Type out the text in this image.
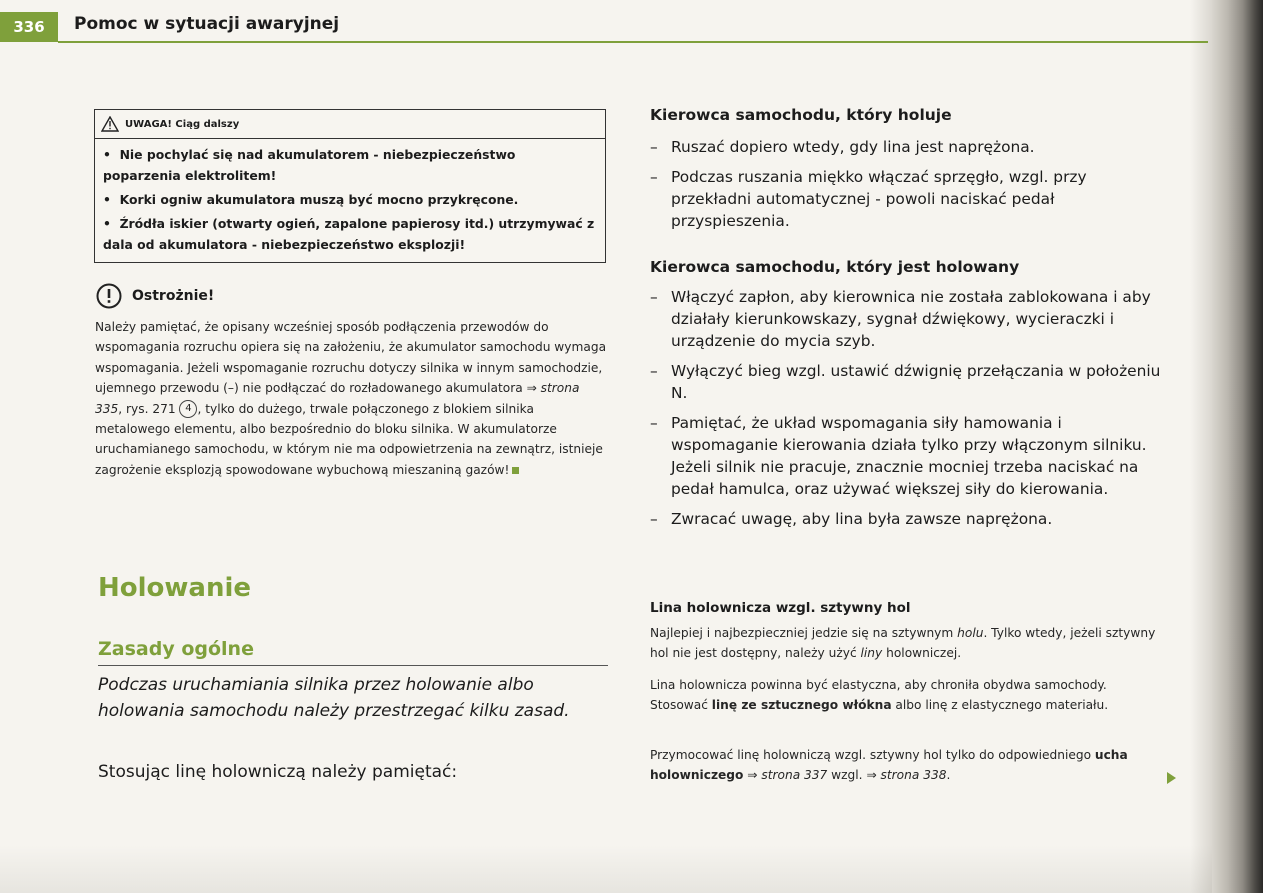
336	Pomoc w sytuacji awaryjnej
UWAGA! Ciąg dalszy
•  Nie pochylać się nad akumulatorem - niebezpieczeństwo poparzenia elektrolitem!
•  Korki ogniw akumulatora muszą być mocno przykręcone.
•  Źródła iskier (otwarty ogień, zapalone papierosy itd.) utrzymywać z dala od akumulatora - niebezpieczeństwo eksplozji!
Ostrożnie!
Należy pamiętać, że opisany wcześniej sposób podłączenia przewodów do wspomagania rozruchu opiera się na założeniu, że akumulator samochodu wymaga wspomagania. Jeżeli wspomaganie rozruchu dotyczy silnika w innym samochodzie, ujemnego przewodu (–) nie podłączać do rozładowanego akumulatora ⇒ strona 335, rys. 271 4 , tylko do dużego, trwale połączonego z blokiem silnika metalowego elementu, albo bezpośrednio do bloku silnika. W akumulatorze uruchamianego samochodu, w którym nie ma odpowietrzenia na zewnątrz, istnieje zagrożenie eksplozją spowodowane wybuchową mieszaniną gazów!
Holowanie
Zasady ogólne
Podczas uruchamiania silnika przez holowanie albo holowania samochodu należy przestrzegać kilku zasad.
Stosując linę holowniczą należy pamiętać:
Kierowca samochodu, który holuje
– Ruszać dopiero wtedy, gdy lina jest naprężona.
– Podczas ruszania miękko włączać sprzęgło, wzgl. przy przekładni automatycznej - powoli naciskać pedał przyspieszenia.
Kierowca samochodu, który jest holowany
– Włączyć zapłon, aby kierownica nie została zablokowana i aby działały kierunkowskazy, sygnał dźwiękowy, wycieraczki i urządzenie do mycia szyb.
– Wyłączyć bieg wzgl. ustawić dźwignię przełączania w położeniu N.
– Pamiętać, że układ wspomagania siły hamowania i wspomaganie kierowania działa tylko przy włączonym silniku. Jeżeli silnik nie pracuje, znacznie mocniej trzeba naciskać na pedał hamulca, oraz używać większej siły do kierowania.
– Zwracać uwagę, aby lina była zawsze naprężona.
Lina holownicza wzgl. sztywny hol
Najlepiej i najbezpieczniej jedzie się na sztywnym holu. Tylko wtedy, jeżeli sztywny hol nie jest dostępny, należy użyć liny holowniczej.
Lina holownicza powinna być elastyczna, aby chroniła obydwa samochody. Stosować linę ze sztucznego włókna albo linę z elastycznego materiału.
Przymocować linę holowniczą wzgl. sztywny hol tylko do odpowiedniego ucha holowniczego ⇒ strona 337 wzgl. ⇒ strona 338.
